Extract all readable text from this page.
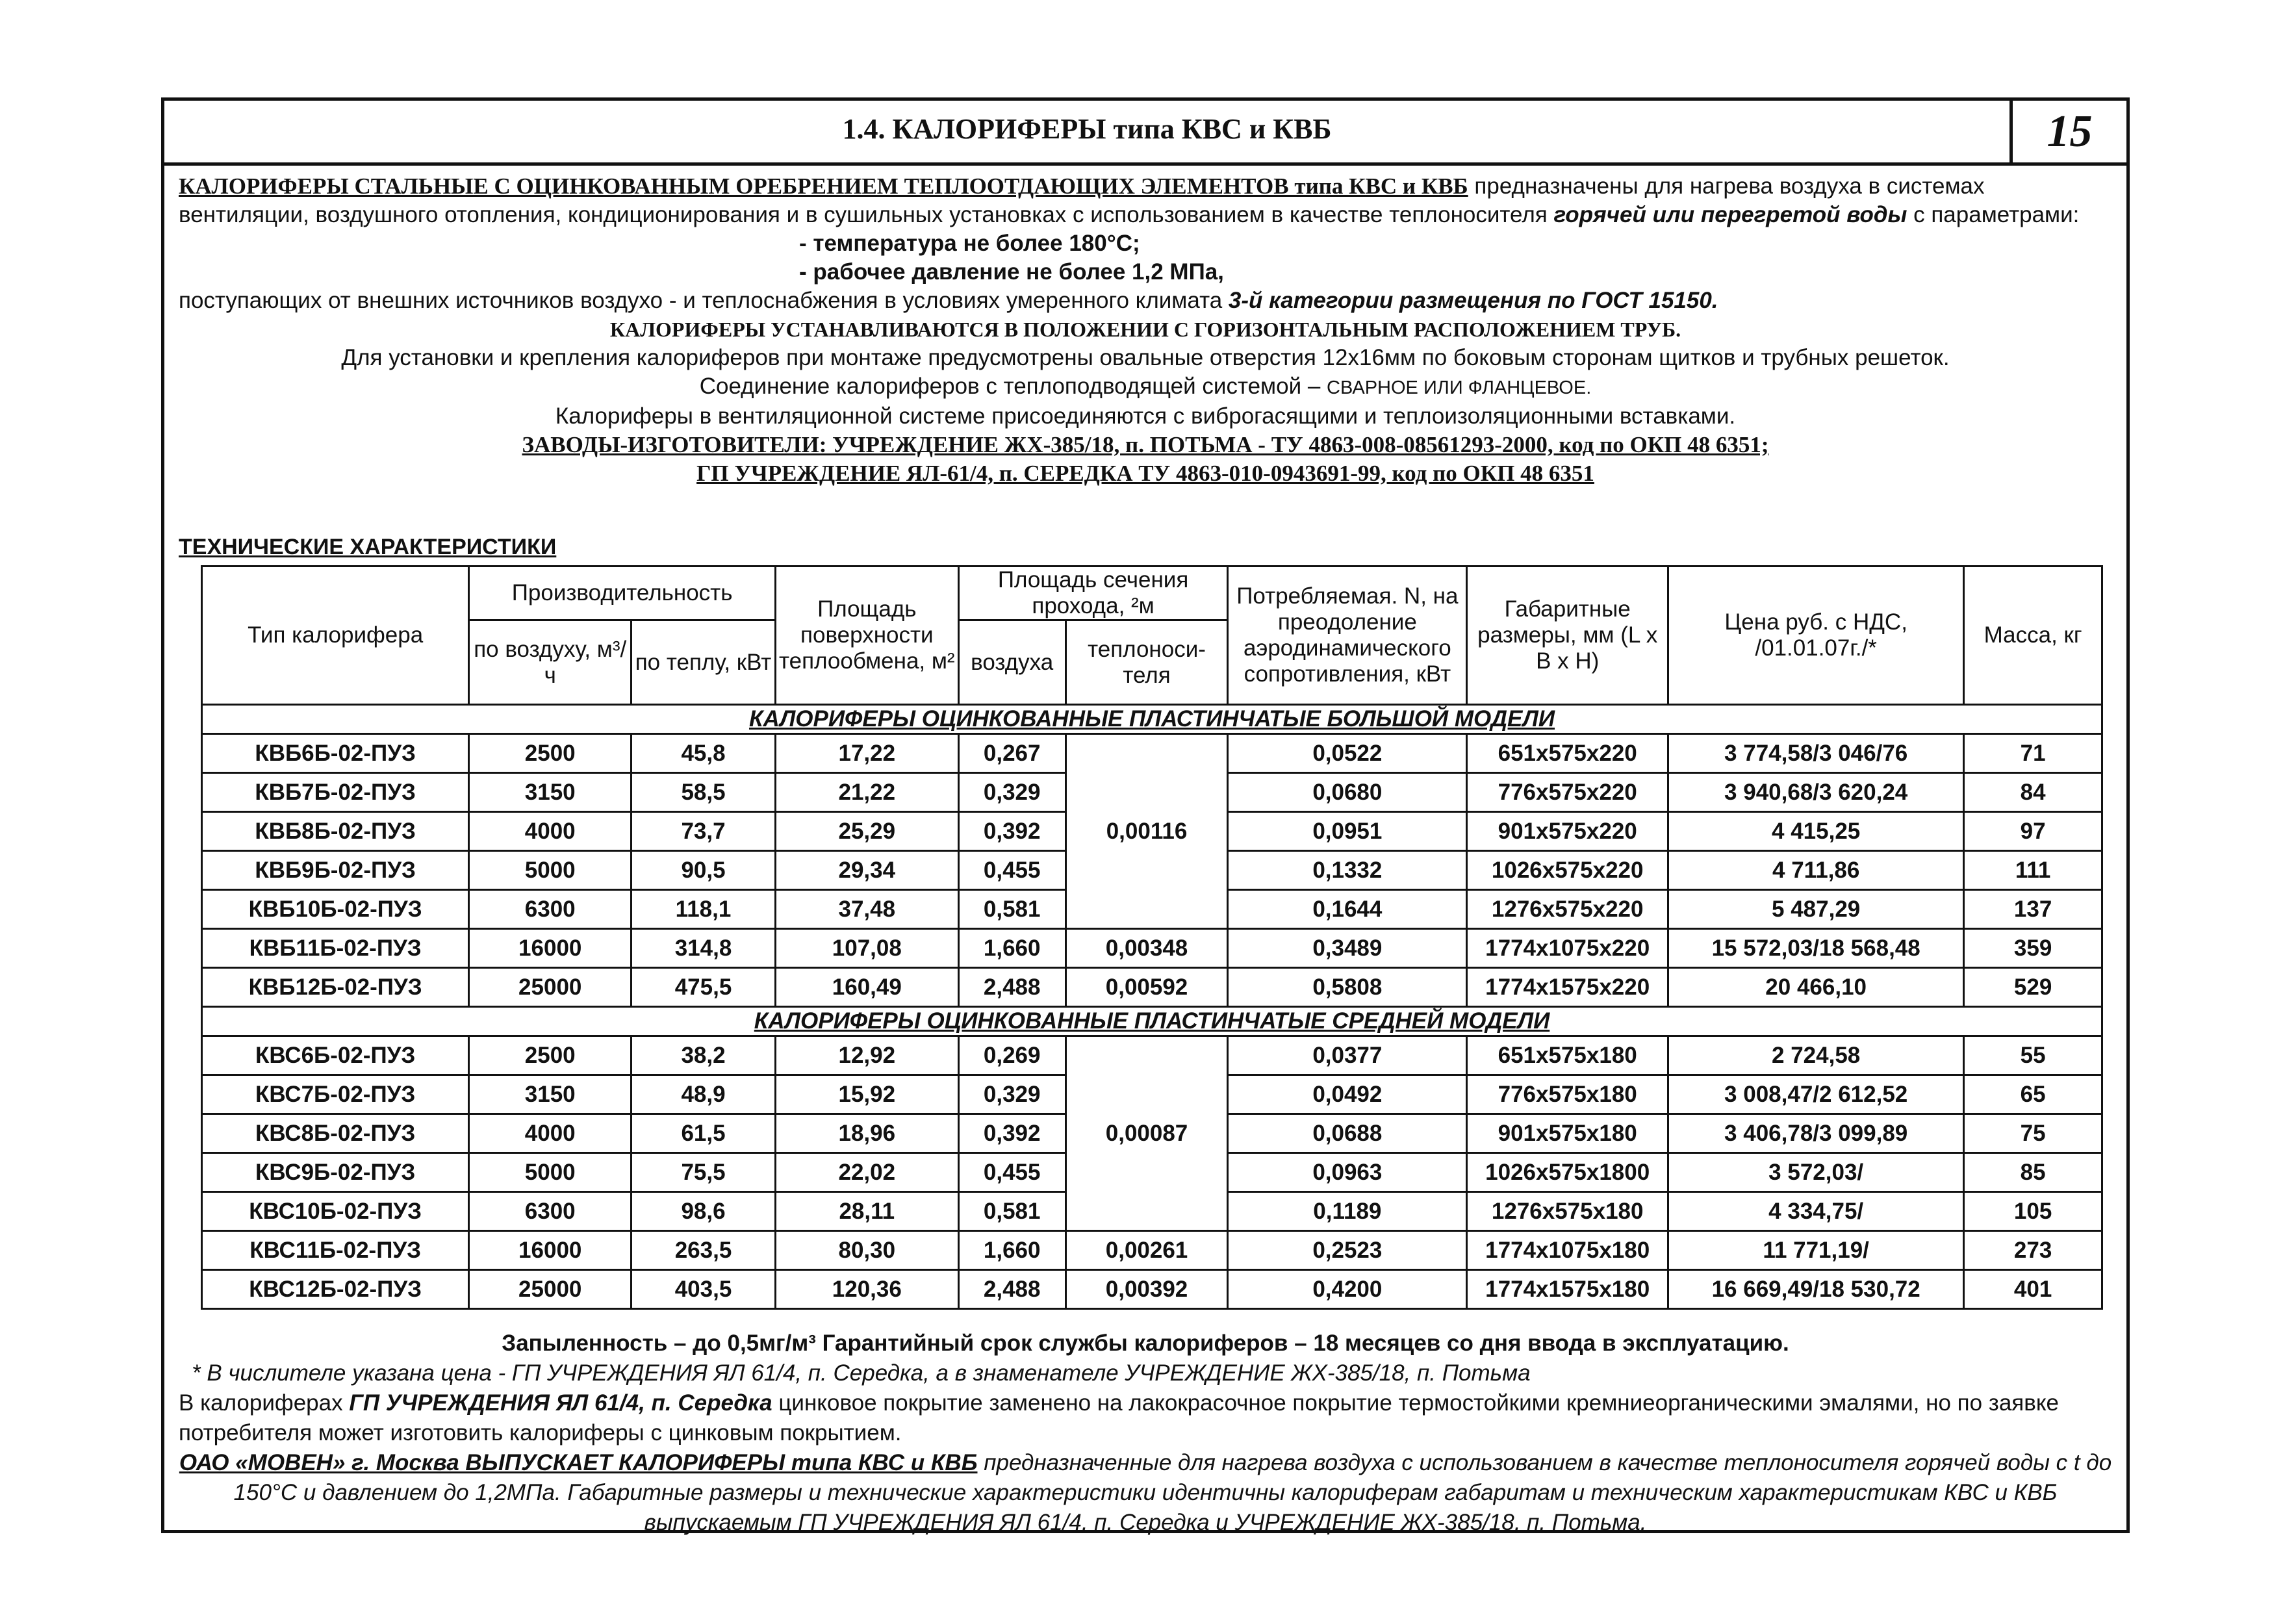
1.4. КАЛОРИФЕРЫ типа КВС и КВБ	15

КАЛОРИФЕРЫ СТАЛЬНЫЕ С ОЦИНКОВАННЫМ ОРЕБРЕНИЕМ ТЕПЛООТДАЮЩИХ ЭЛЕМЕНТОВ типа КВС и КВБ предназначены для нагрева воздуха в системах вентиляции, воздушного отопления, кондиционирования и в сушильных установках с использованием в качестве теплоносителя горячей или перегретой воды с параметрами:

- температура не более 180°С;

- рабочее давление не более 1,2 МПа,

поступающих от внешних источников воздухо - и теплоснабжения в условиях умеренного климата 3-й категории размещения по ГОСТ 15150.

КАЛОРИФЕРЫ УСТАНАВЛИВАЮТСЯ В ПОЛОЖЕНИИ С ГОРИЗОНТАЛЬНЫМ РАСПОЛОЖЕНИЕМ ТРУБ.

Для установки и крепления калориферов при монтаже предусмотрены овальные отверстия 12х16мм по боковым сторонам щитков и трубных решеток.

Соединение калориферов с теплоподводящей системой – СВАРНОЕ ИЛИ ФЛАНЦЕВОЕ.

Калориферы в вентиляционной системе присоединяются с виброгасящими и теплоизоляционными вставками.

ЗАВОДЫ-ИЗГОТОВИТЕЛИ: УЧРЕЖДЕНИЕ ЖХ-385/18, п. ПОТЬМА - ТУ 4863-008-08561293-2000, код по ОКП 48 6351;

ГП УЧРЕЖДЕНИЕ ЯЛ-61/4, п. СЕРЕДКА ТУ 4863-010-0943691-99, код по ОКП 48 6351

ТЕХНИЧЕСКИЕ ХАРАКТЕРИСТИКИ
Тип калорифера	Производительность		Площадь поверхности теплообмена, м²	Площадь сечения прохода, ²м		Потребляемая. N, на преодоление аэродинамического сопротивления, кВт	Габаритные размеры, мм (L x B x H)	Цена руб. с НДС, /01.01.07г./*	Масса, кг
	по воздуху, м³/ч	по теплу, кВт		воздуха	теплоноси-теля				
КАЛОРИФЕРЫ ОЦИНКОВАННЫЕ ПЛАСТИНЧАТЫЕ БОЛЬШОЙ МОДЕЛИ									
КВБ6Б-02-ПУЗ	2500	45,8	17,22	0,267	0,00116	0,0522	651x575x220	3 774,58/3 046/76	71
КВБ7Б-02-ПУЗ	3150	58,5	21,22	0,329		0,0680	776x575x220	3 940,68/3 620,24	84
КВБ8Б-02-ПУЗ	4000	73,7	25,29	0,392		0,0951	901x575x220	4 415,25	97
КВБ9Б-02-ПУЗ	5000	90,5	29,34	0,455		0,1332	1026x575x220	4 711,86	111
КВБ10Б-02-ПУЗ	6300	118,1	37,48	0,581		0,1644	1276x575x220	5 487,29	137
КВБ11Б-02-ПУЗ	16000	314,8	107,08	1,660	0,00348	0,3489	1774x1075x220	15 572,03/18 568,48	359
КВБ12Б-02-ПУЗ	25000	475,5	160,49	2,488	0,00592	0,5808	1774x1575x220	20 466,10	529
КАЛОРИФЕРЫ ОЦИНКОВАННЫЕ ПЛАСТИНЧАТЫЕ СРЕДНЕЙ МОДЕЛИ									
КВС6Б-02-ПУЗ	2500	38,2	12,92	0,269	0,00087	0,0377	651x575x180	2 724,58	55
КВС7Б-02-ПУЗ	3150	48,9	15,92	0,329		0,0492	776x575x180	3 008,47/2 612,52	65
КВС8Б-02-ПУЗ	4000	61,5	18,96	0,392		0,0688	901x575x180	3 406,78/3 099,89	75
КВС9Б-02-ПУЗ	5000	75,5	22,02	0,455		0,0963	1026x575x1800	3 572,03/	85
КВС10Б-02-ПУЗ	6300	98,6	28,11	0,581		0,1189	1276x575x180	4 334,75/	105
КВС11Б-02-ПУЗ	16000	263,5	80,30	1,660	0,00261	0,2523	1774x1075x180	11 771,19/	273
КВС12Б-02-ПУЗ	25000	403,5	120,36	2,488	0,00392	0,4200	1774x1575x180	16 669,49/18 530,72	401

Запыленность – до 0,5мг/м³ Гарантийный срок службы калориферов – 18 месяцев со дня ввода в эксплуатацию.

* В числителе указана цена - ГП УЧРЕЖДЕНИЯ ЯЛ 61/4, п. Середка, а в знаменателе УЧРЕЖДЕНИЕ ЖХ-385/18, п. Потьма

В калориферах ГП УЧРЕЖДЕНИЯ ЯЛ 61/4, п. Середка цинковое покрытие заменено на лакокрасочное покрытие термостойкими кремниеорганическими эмалями, но по заявке потребителя может изготовить калориферы с цинковым покрытием.

ОАО «МОВЕН» г. Москва ВЫПУСКАЕТ КАЛОРИФЕРЫ типа КВС и КВБ предназначенные для нагрева воздуха с использованием в качестве теплоносителя горячей воды с t до 150°С и давлением до 1,2МПа. Габаритные размеры и технические характеристики идентичны калориферам габаритам и техническим характеристикам КВС и КВБ выпускаемым ГП УЧРЕЖДЕНИЯ ЯЛ 61/4, п. Середка и УЧРЕЖДЕНИЕ ЖХ-385/18, п. Потьма.
